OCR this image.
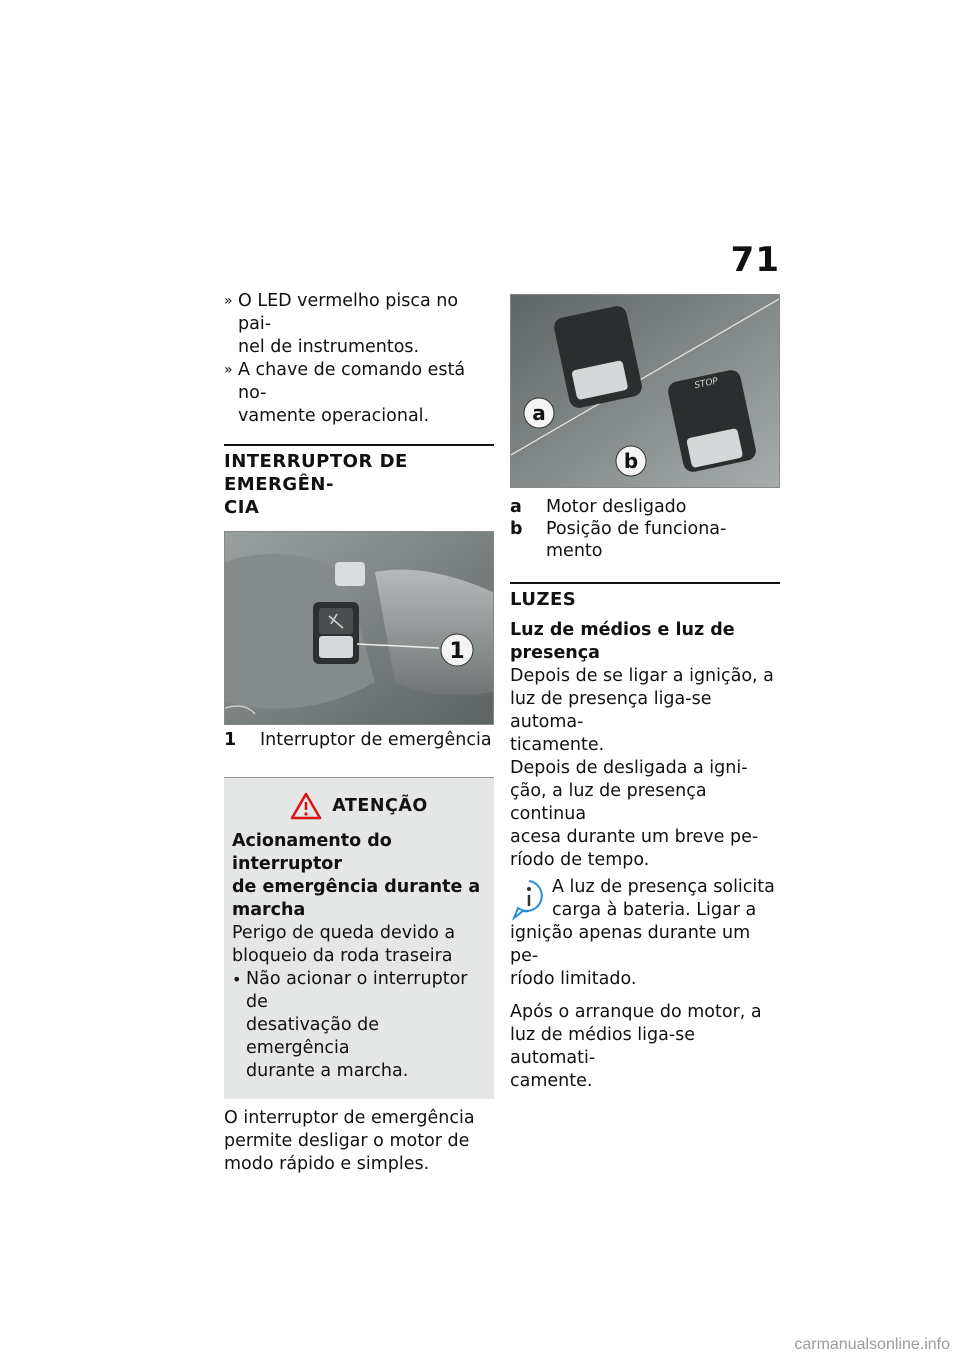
71
» O LED vermelho pisca no pai-
nel de instrumentos.
» A chave de comando está no-
vamente operacional.
INTERRUPTOR DE EMERGÊN-
CIA
1
1	Interruptor de emergência
ATENÇÃO
Acionamento do interruptor
de emergência durante a
marcha
Perigo de queda devido a
bloqueio da roda traseira
• Não acionar o interruptor de
desativação de emergência
durante a marcha.
O interruptor de emergência
permite desligar o motor de
modo rápido e simples.
STOP
a
b
a	Motor desligado
b	Posição de funciona-
mento
LUZES
Luz de médios e luz de
presença
Depois de se ligar a ignição, a
luz de presença liga-se automa-
ticamente.
Depois de desligada a igni-
ção, a luz de presença continua
acesa durante um breve pe-
ríodo de tempo.
A luz de presença solicita
carga à bateria. Ligar a
ignição apenas durante um pe-
ríodo limitado.
Após o arranque do motor, a
luz de médios liga-se automati-
camente.
carmanualsonline.info
